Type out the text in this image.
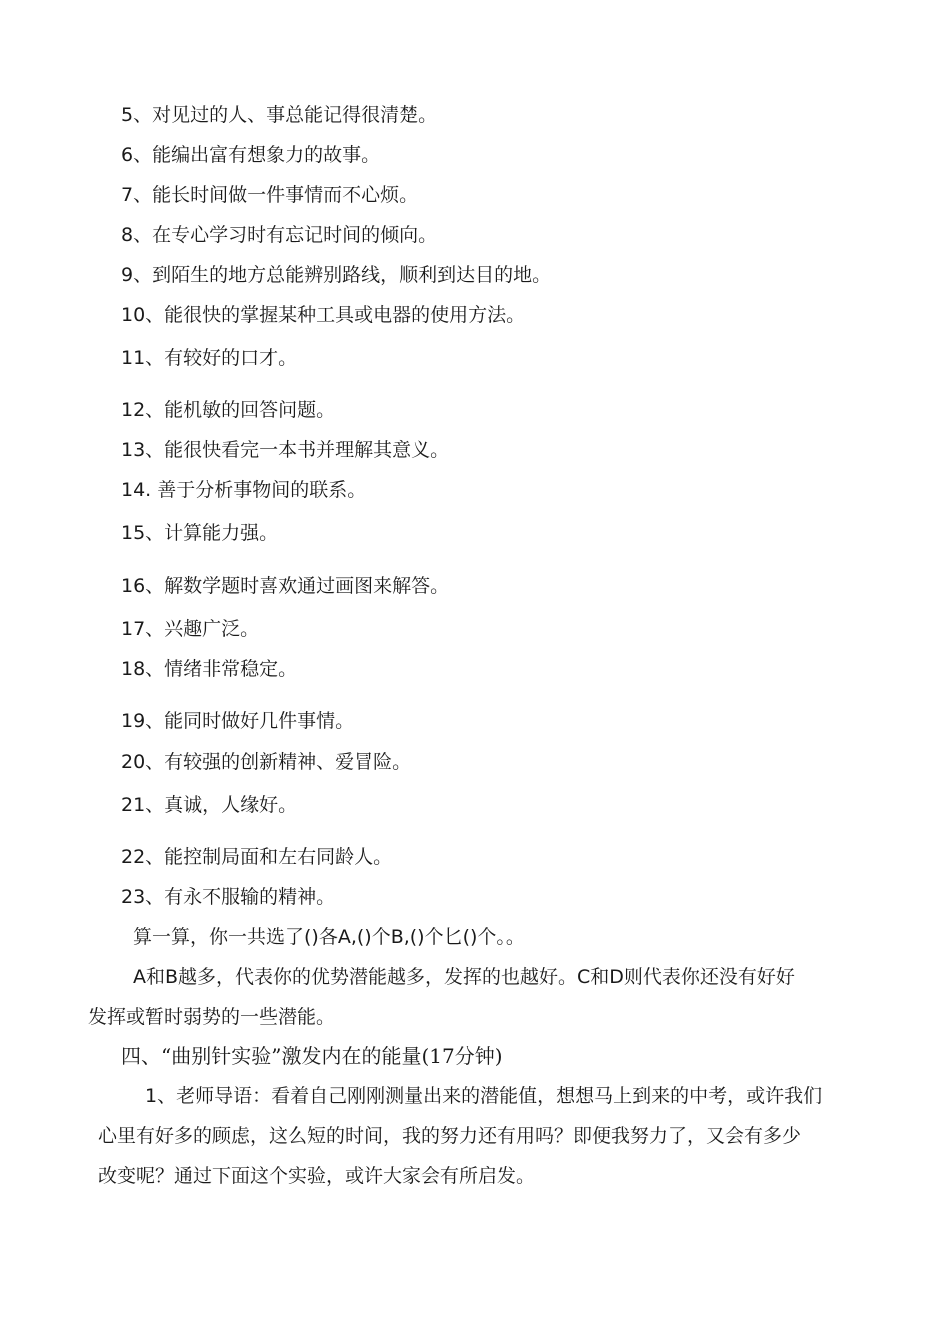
5、对见过的人、事总能记得很清楚。
6、能编出富有想象力的故事。
7、能长时间做一件事情而不心烦。
8、在专心学习时有忘记时间的倾向。
9、到陌生的地方总能辨别路线，顺利到达目的地。
10、能很快的掌握某种工具或电器的使用方法。
11、有较好的口才。
12、能机敏的回答问题。
13、能很快看完一本书并理解其意义。
14. 善于分析事物间的联系。
15、计算能力强。
16、解数学题时喜欢通过画图来解答。
17、兴趣广泛。
18、情绪非常稳定。
19、能同时做好几件事情。
20、有较强的创新精神、爱冒险。
21、真诚，人缘好。
22、能控制局面和左右同龄人。
23、有永不服输的精神。
算一算，你一共选了()各A,()个B,()个匕()个。。
A和B越多，代表你的优势潜能越多，发挥的也越好。C和D则代表你还没有好好
发挥或暂时弱势的一些潜能。
四、“曲别针实验”激发内在的能量(17分钟)
1、老师导语：看着自己刚刚测量出来的潜能值，想想马上到来的中考，或许我们
心里有好多的顾虑，这么短的时间，我的努力还有用吗？即便我努力了，又会有多少
改变呢？通过下面这个实验，或许大家会有所启发。
